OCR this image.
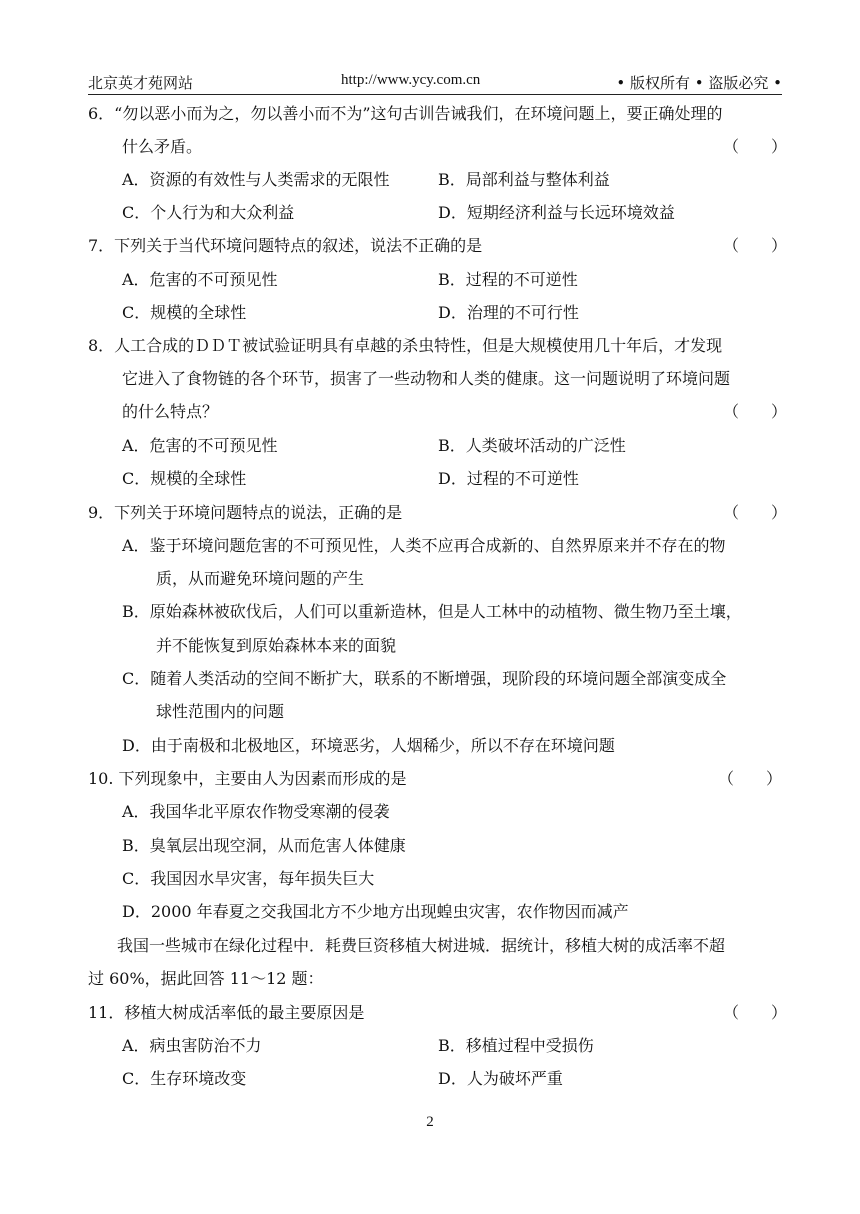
北京英才苑网站	http://www.ycy.com.cn	• 版权所有 • 盗版必究 •
6．“勿以恶小而为之，勿以善小而不为”这句古训告诫我们，在环境问题上，要正确处理的
什么矛盾。	（　　）
A．资源的有效性与人类需求的无限性	B．局部利益与整体利益
C．个人行为和大众利益	D．短期经济利益与长远环境效益
7．下列关于当代环境问题特点的叙述，说法不正确的是	（　　）
A．危害的不可预见性	B．过程的不可逆性
C．规模的全球性	D．治理的不可行性
8．人工合成的ＤＤＴ被试验证明具有卓越的杀虫特性，但是大规模使用几十年后，才发现
它进入了食物链的各个环节，损害了一些动物和人类的健康。这一问题说明了环境问题
的什么特点？	（　　）
A．危害的不可预见性	B．人类破坏活动的广泛性
C．规模的全球性	D．过程的不可逆性
9．下列关于环境问题特点的说法，正确的是	（　　）
A．鉴于环境问题危害的不可预见性，人类不应再合成新的、自然界原来并不存在的物
质，从而避免环境问题的产生
B．原始森林被砍伐后，人们可以重新造林，但是人工林中的动植物、微生物乃至土壤，
并不能恢复到原始森林本来的面貌
C．随着人类活动的空间不断扩大，联系的不断增强，现阶段的环境问题全部演变成全
球性范围内的问题
D．由于南极和北极地区，环境恶劣，人烟稀少，所以不存在环境问题
10. 下列现象中，主要由人为因素而形成的是	（　　）
A．我国华北平原农作物受寒潮的侵袭
B．臭氧层出现空洞，从而危害人体健康
C．我国因水旱灾害，每年损失巨大
D．2000 年春夏之交我国北方不少地方出现蝗虫灾害，农作物因而减产
我国一些城市在绿化过程中．耗费巨资移植大树进城．据统计，移植大树的成活率不超
过 60%，据此回答 11～12 题：
11．移植大树成活率低的最主要原因是	（　　）
A．病虫害防治不力	B．移植过程中受损伤
C．生存环境改变	D．人为破坏严重
2
